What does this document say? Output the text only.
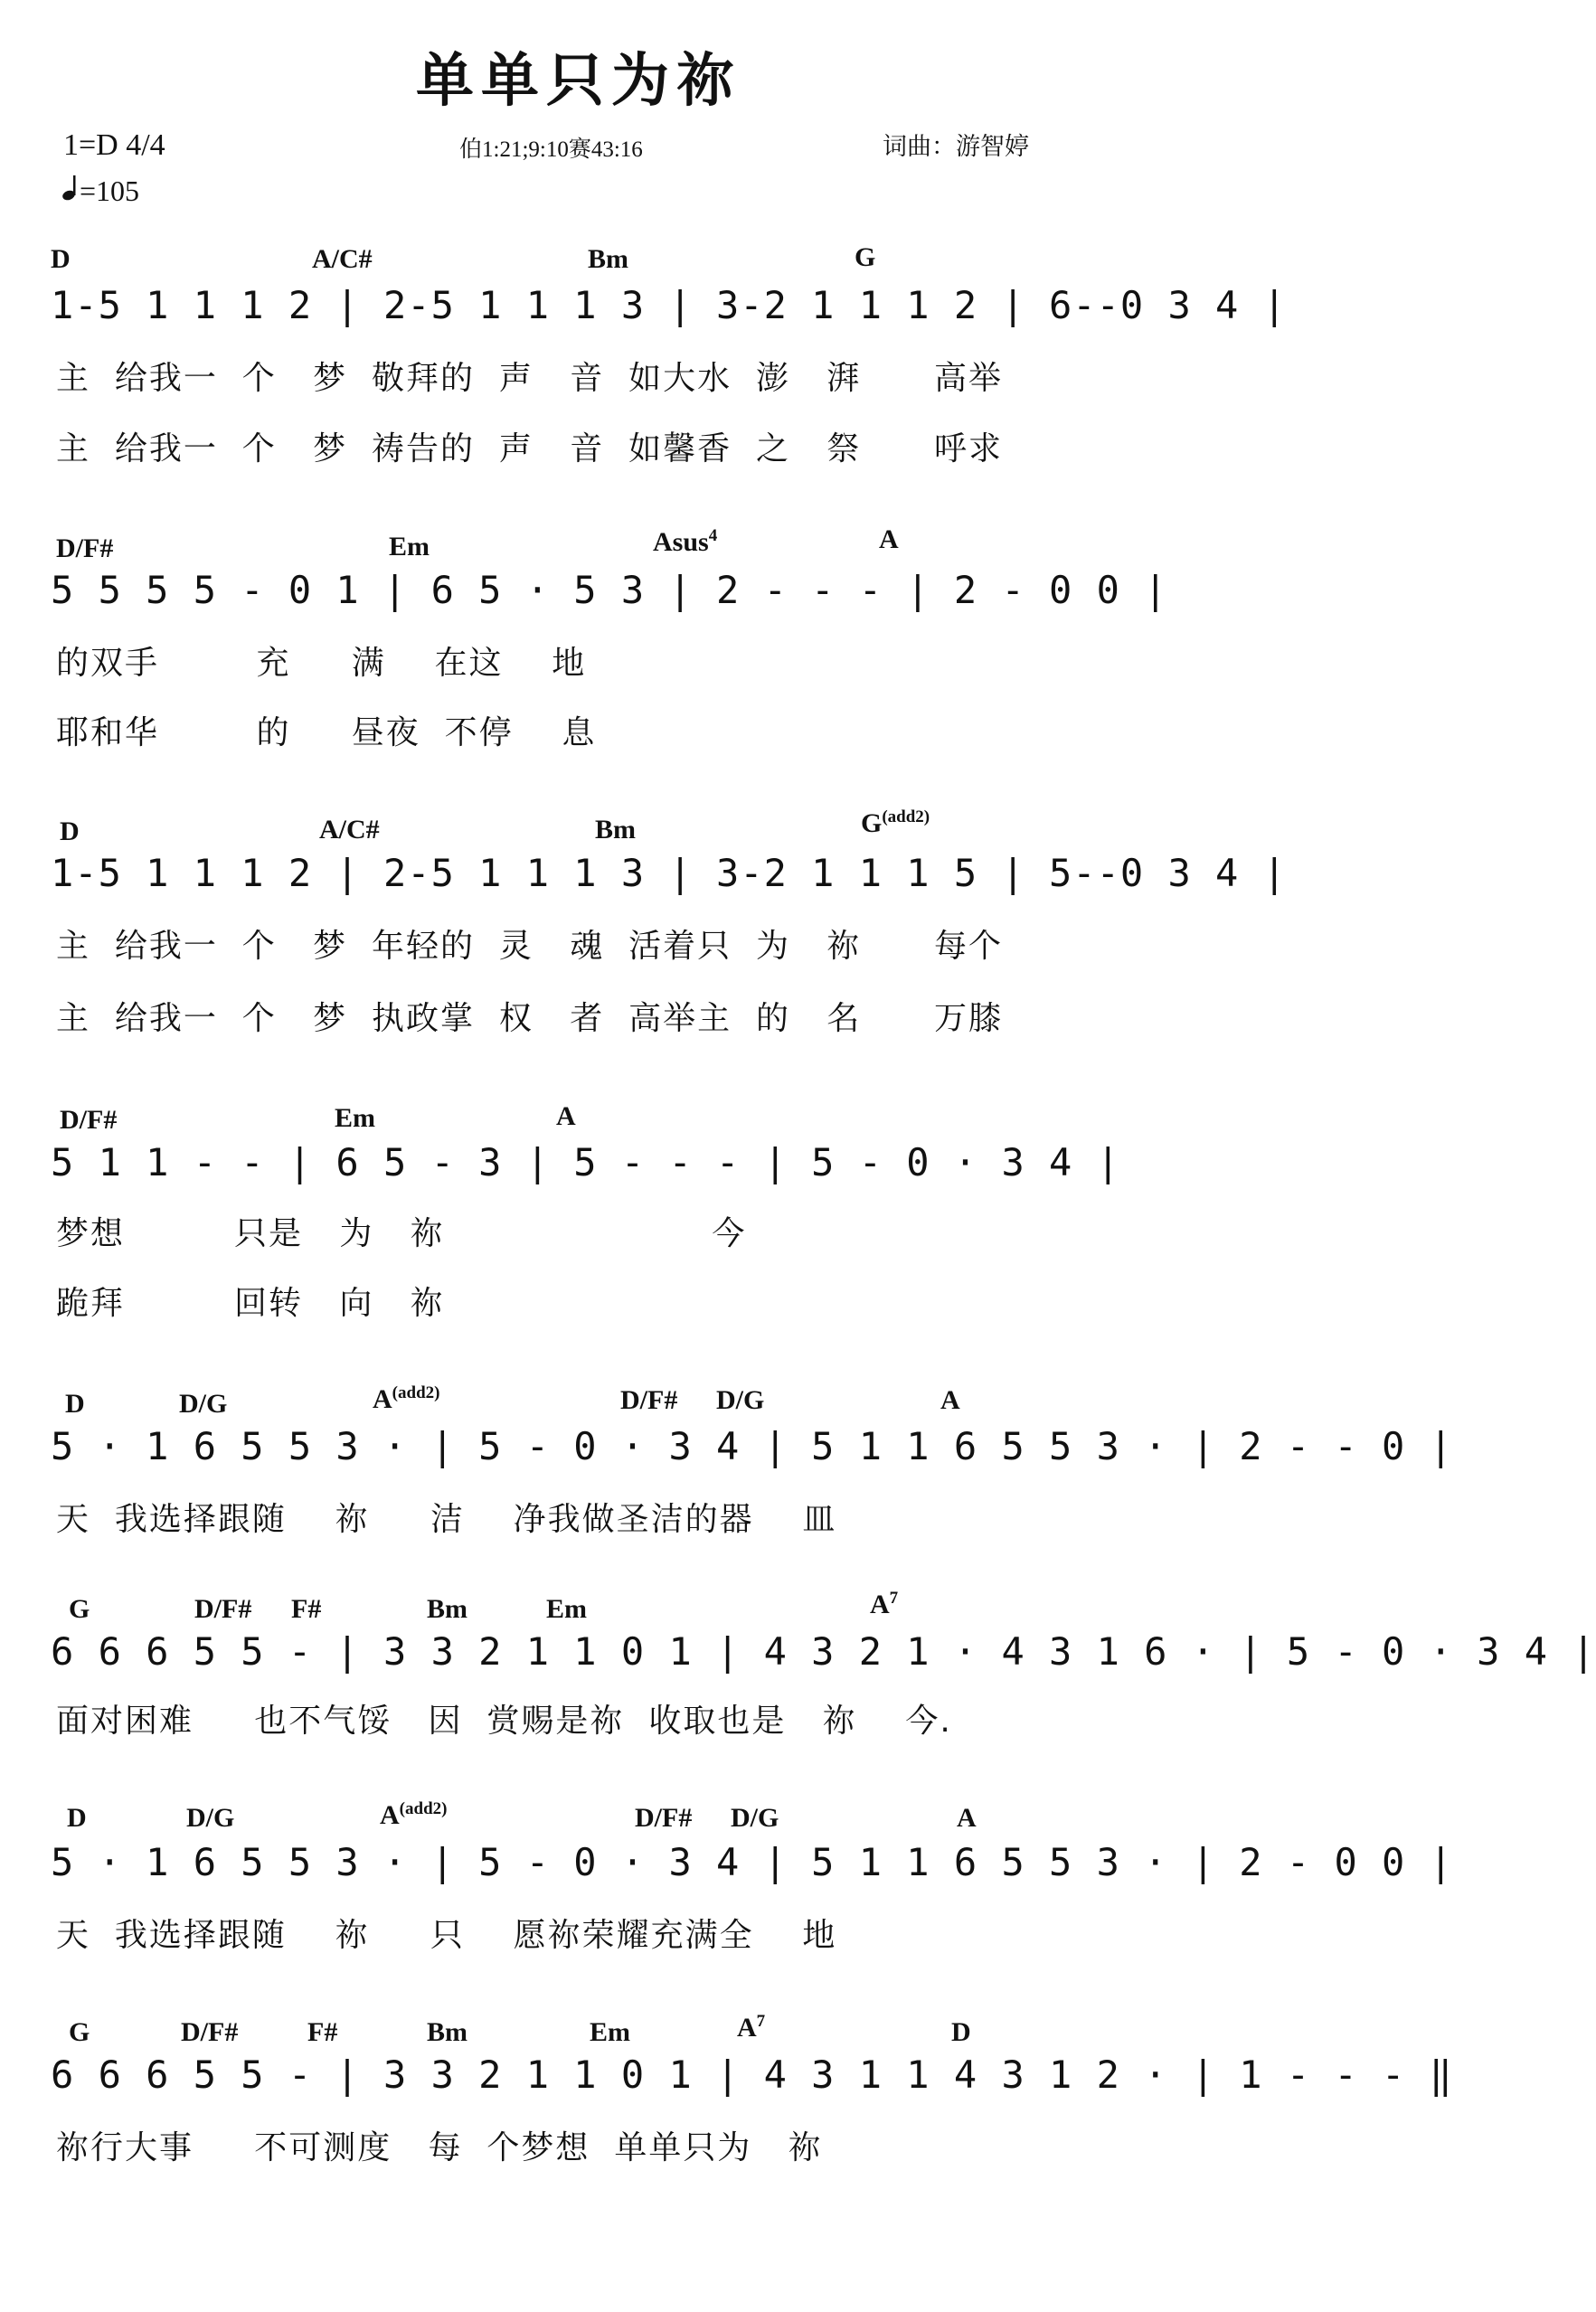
单单只为祢
1=D 4/4
=105
伯1:21;9:10赛43:16	词曲：游智婷
D	A/C#	Bm	G
1-5 1 1 1 2 | 2-5 1 1 1 3 | 3-2 1 1 1 2 | 6--0 3 4 |
主  给我一  个   梦  敬拜的  声   音  如大水  澎   湃      高举
主  给我一  个   梦  祷告的  声   音  如馨香  之   祭      呼求
D/F#	Em	Asus$^4$	A
5 5 5 5 - 0 1 | 6 5 · 5 3 | 2 - - - | 2 - 0 0 |
的双手        充     满    在这    地
耶和华        的     昼夜  不停    息
D	A/C#	Bm	$G^{(add2)}$
1-5 1 1 1 2 | 2-5 1 1 1 3 | 3-2 1 1 1 5 | 5--0 3 4 |
主  给我一  个   梦  年轻的  灵   魂  活着只  为   祢      每个
主  给我一  个   梦  执政掌  权   者  高举主  的   名      万膝
D/F#	Em	A
5 1 1 - - | 6 5 - 3 | 5 - - - | 5 - 0 · 3 4 |
梦想         只是   为   祢                      今
跪拜         回转   向   祢
D	D/G	$A^{(add2)}$	D/F# D/G	A
5 · 1 6 5 5 3 · | 5 - 0 · 3 4 | 5 1 1 6 5 5 3 · | 2 - - 0 |
天  我选择跟随    祢     洁    净我做圣洁的器    皿
G	D/F# F#	Bm	Em	$A^7$
6 6 6 5 5 - | 3 3 2 1 1 0 1 | 4 3 2 1 · 4 3 1 6 · | 5 - 0 · 3 4 |
面对困难     也不气馁   因  赏赐是祢  收取也是   祢    今.
D	D/G	$A^{(add2)}$	D/F# D/G	A
5 · 1 6 5 5 3 · | 5 - 0 · 3 4 | 5 1 1 6 5 5 3 · | 2 - 0 0 |
天  我选择跟随    祢     只    愿祢荣耀充满全    地
G	D/F#	F#	Bm	Em	$A^7$	D
6 6 6 5 5 - | 3 3 2 1 1 0 1 | 4 3 1 1 4 3 1 2 · | 1 - - - ‖
祢行大事     不可测度   每  个梦想  单单只为   祢
